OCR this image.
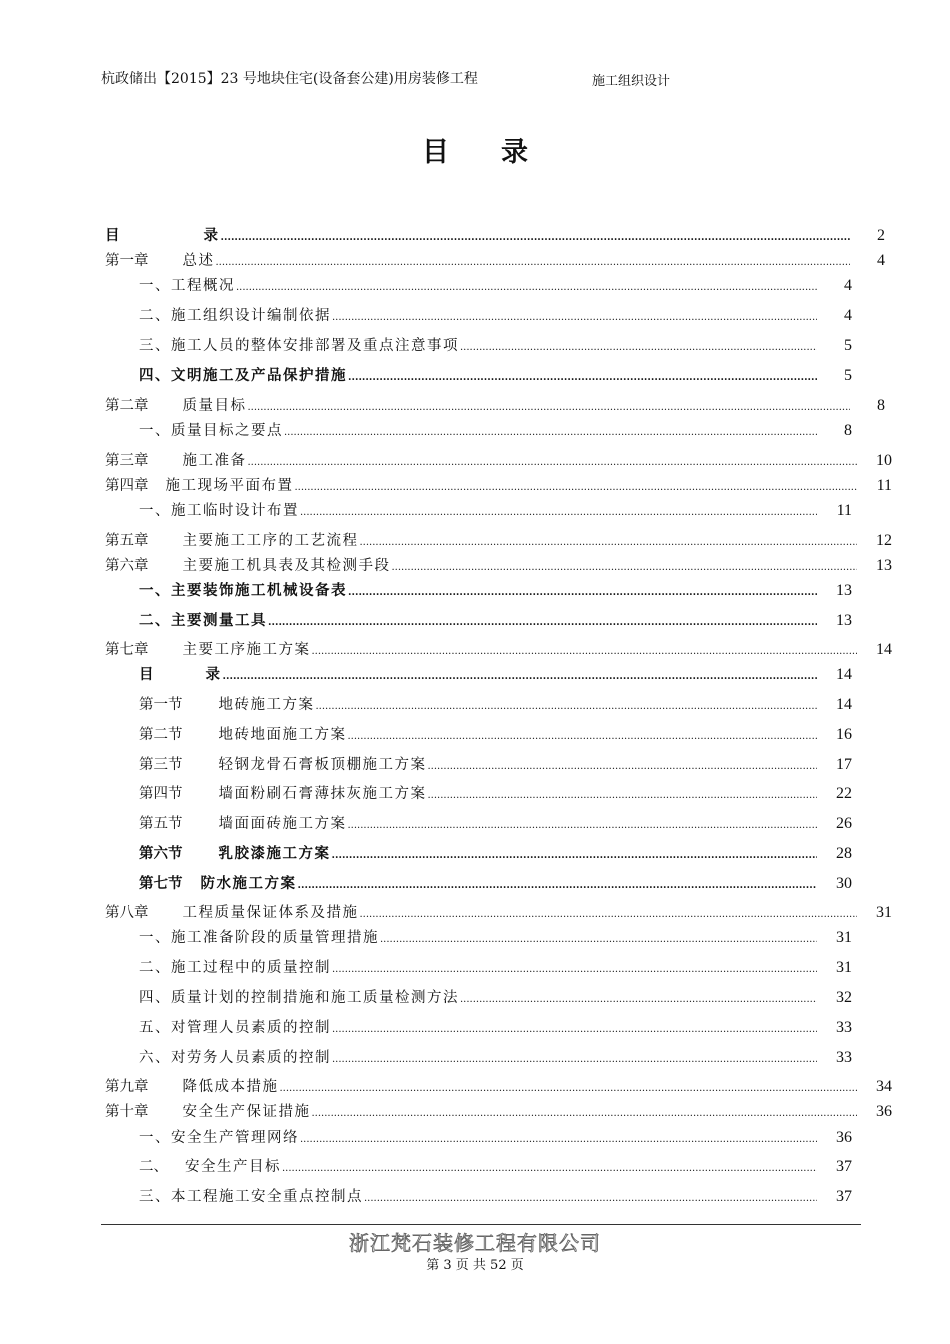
杭政储出【2015】23 号地块住宅(设备套公建)用房装修工程	施工组织设计
目录
目	录 .....	2
第一章 总述 .....	4
一、工程概况 .....	4
二、施工组织设计编制依据 .....	4
三、施工人员的整体安排部署及重点注意事项 .....	5
四、文明施工及产品保护措施 .....	5
第二章 质量目标 .....	8
一、质量目标之要点 .....	8
第三章 施工准备 .....	10
第四章 施工现场平面布置 .....	11
一、施工临时设计布置 .....	11
第五章 主要施工工序的工艺流程 .....	12
第六章 主要施工机具表及其检测手段 .....	13
一、主要装饰施工机械设备表 .....	13
二、主要测量工具 .....	13
第七章 主要工序施工方案 .....	14
目	录 .....	14
第一节 地砖施工方案 .....	14
第二节 地砖地面施工方案 .....	16
第三节 轻钢龙骨石膏板顶棚施工方案 .....	17
第四节 墙面粉刷石膏薄抹灰施工方案 .....	22
第五节 墙面面砖施工方案 .....	26
第六节 乳胶漆施工方案 .....	28
第七节 防水施工方案 .....	30
第八章 工程质量保证体系及措施 .....	31
一、施工准备阶段的质量管理措施 .....	31
二、施工过程中的质量控制 .....	31
四、质量计划的控制措施和施工质量检测方法 .....	32
五、对管理人员素质的控制 .....	33
六、对劳务人员素质的控制 .....	33
第九章 降低成本措施 .....	34
第十章 安全生产保证措施 .....	36
一、安全生产管理网络 .....	36
二、 安全生产目标 .....	37
三、本工程施工安全重点控制点 .....	37
浙江梵石装修工程有限公司
第 3 页 共 52 页
